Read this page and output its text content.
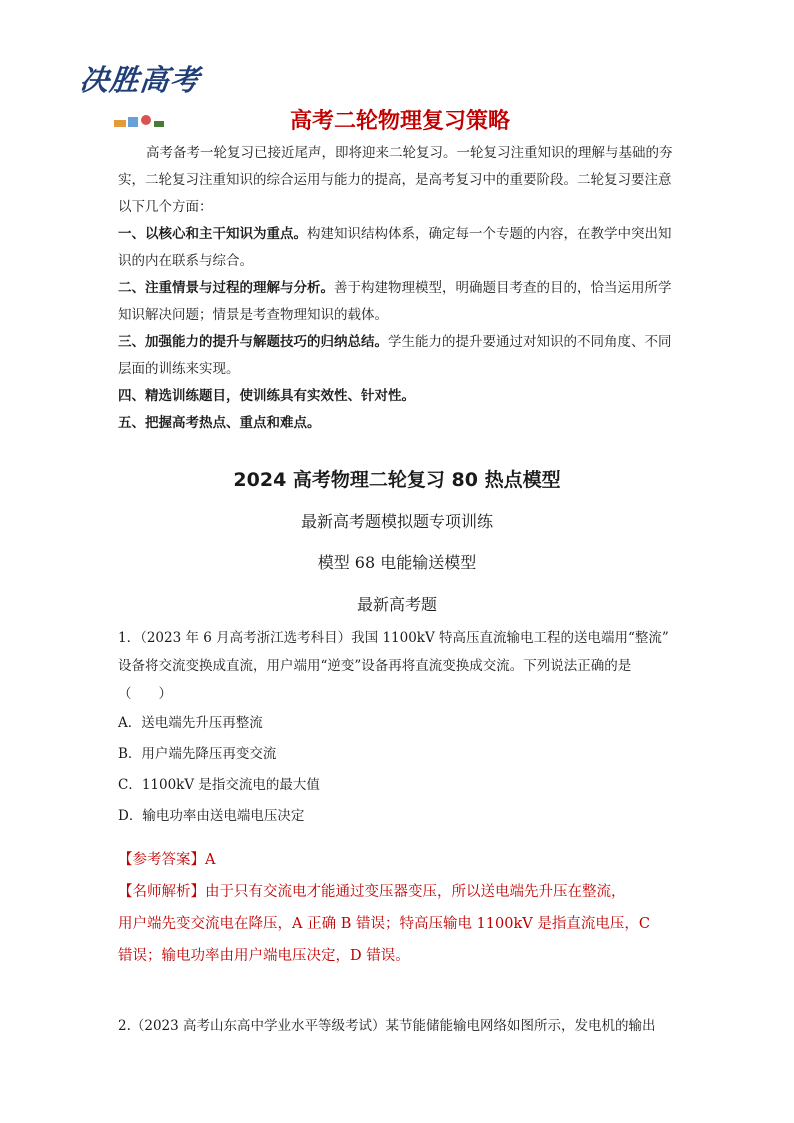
决胜高考
高考二轮物理复习策略

高考备考一轮复习已接近尾声，即将迎来二轮复习。一轮复习注重知识的理解与基础的夯实，二轮复习注重知识的综合运用与能力的提高，是高考复习中的重要阶段。二轮复习要注意以下几个方面：

一、以核心和主干知识为重点。构建知识结构体系，确定每一个专题的内容，在教学中突出知识的内在联系与综合。

二、注重情景与过程的理解与分析。善于构建物理模型，明确题目考查的目的，恰当运用所学知识解决问题；情景是考查物理知识的载体。

三、加强能力的提升与解题技巧的归纳总结。学生能力的提升要通过对知识的不同角度、不同层面的训练来实现。

四、精选训练题目，使训练具有实效性、针对性。

五、把握高考热点、重点和难点。

2024 高考物理二轮复习 80 热点模型
最新高考题模拟题专项训练
模型 68 电能输送模型
最新高考题

1．（2023 年 6 月高考浙江选考科目）我国 1100kV 特高压直流输电工程的送电端用“整流”

设备将交流变换成直流，用户端用“逆变”设备再将直流变换成交流。下列说法正确的是

（　　）

A．送电端先升压再整流

B．用户端先降压再变交流

C．1100kV 是指交流电的最大值

D．输电功率由送电端电压决定

【参考答案】A

【名师解析】由于只有交流电才能通过变压器变压，所以送电端先升压在整流，

用户端先变交流电在降压，A 正确 B 错误；特高压输电 1100kV 是指直流电压，C

错误；输电功率由用户端电压决定，D 错误。

2.（2023 高考山东高中学业水平等级考试）某节能储能输电网络如图所示，发电机的输出
